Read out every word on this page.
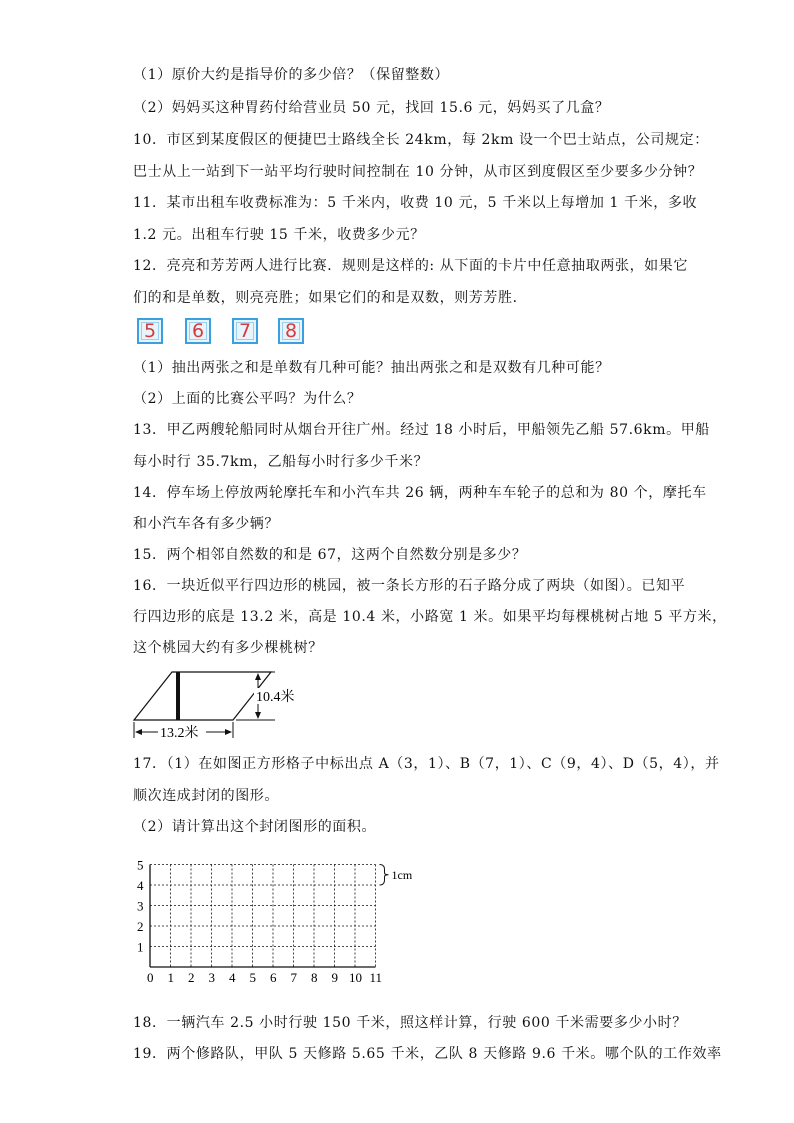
（1）原价大约是指导价的多少倍？（保留整数）
（2）妈妈买这种胃药付给营业员 50 元，找回 15.6 元，妈妈买了几盒？
10．市区到某度假区的便捷巴士路线全长 24km，每 2km 设一个巴士站点，公司规定：
巴士从上一站到下一站平均行驶时间控制在 10 分钟，从市区到度假区至少要多少分钟？
11．某市出租车收费标准为：5 千米内，收费 10 元，5 千米以上每增加 1 千米，多收
1.2 元。出租车行驶 15 千米，收费多少元？
12．亮亮和芳芳两人进行比赛．规则是这样的: 从下面的卡片中任意抽取两张，如果它
们的和是单数，则亮亮胜；如果它们的和是双数，则芳芳胜．
5	6	7	8
（1）抽出两张之和是单数有几种可能？抽出两张之和是双数有几种可能？
（2）上面的比赛公平吗？为什么？
13．甲乙两艘轮船同时从烟台开往广州。经过 18 小时后，甲船领先乙船 57.6km。甲船
每小时行 35.7km，乙船每小时行多少千米？
14．停车场上停放两轮摩托车和小汽车共 26 辆，两种车车轮子的总和为 80 个，摩托车
和小汽车各有多少辆？
15．两个相邻自然数的和是 67，这两个自然数分别是多少？
16．一块近似平行四边形的桃园，被一条长方形的石子路分成了两块（如图）。已知平
行四边形的底是 13.2 米，高是 10.4 米，小路宽 1 米。如果平均每棵桃树占地 5 平方米，
这个桃园大约有多少棵桃树？
10.4米
13.2米
17．（1）在如图正方形格子中标出点 A（3，1）、B（7，1）、C（9，4）、D（5，4），并
顺次连成封闭的图形。
（2）请计算出这个封闭图形的面积。
0 1 2 3 4 5 6 7 8 9 10 11
1
2
3
4
5
1cm
18．一辆汽车 2.5 小时行驶 150 千米，照这样计算，行驶 600 千米需要多少小时？
19．两个修路队，甲队 5 天修路 5.65 千米，乙队 8 天修路 9.6 千米。哪个队的工作效率
